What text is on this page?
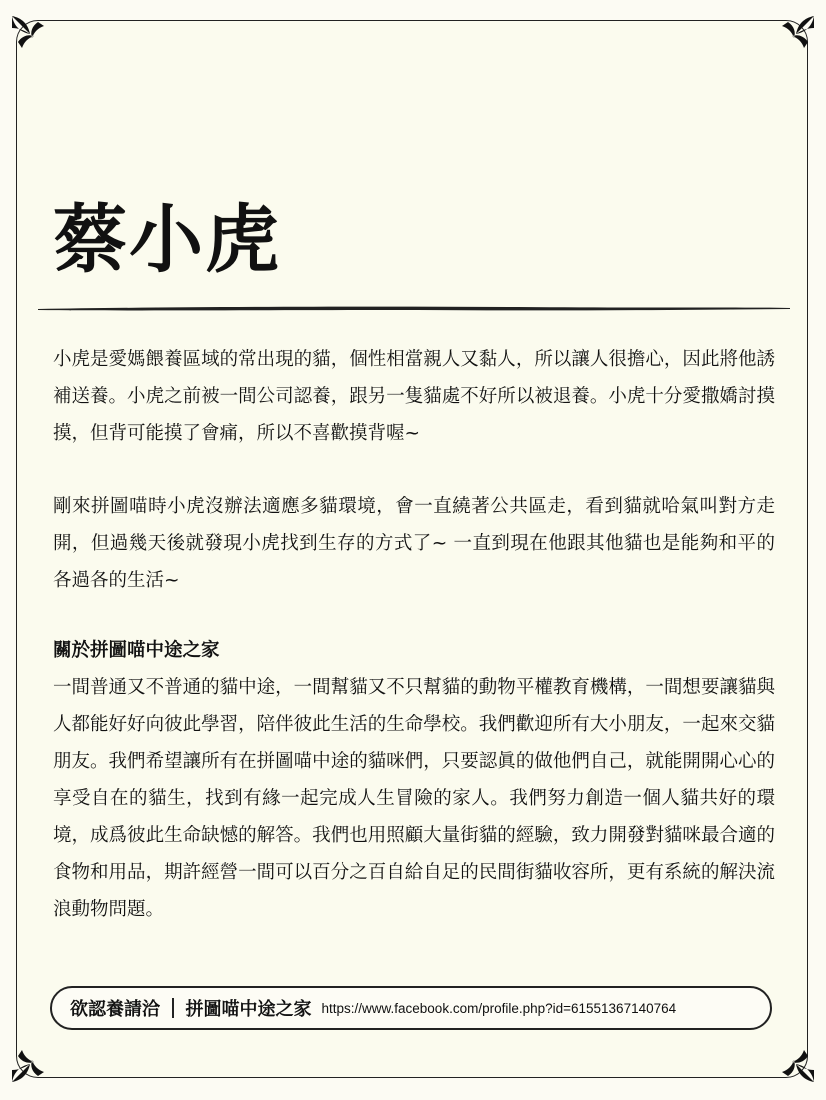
蔡小虎

小虎是愛媽餵養區域的常出現的貓，個性相當親人又黏人，所以讓人很擔心，因此將他誘補送養。小虎之前被一間公司認養，跟另一隻貓處不好所以被退養。小虎十分愛撒嬌討摸摸，但背可能摸了會痛，所以不喜歡摸背喔~

剛來拼圖喵時小虎沒辦法適應多貓環境，會一直繞著公共區走，看到貓就哈氣叫對方走開，但過幾天後就發現小虎找到生存的方式了~ 一直到現在他跟其他貓也是能夠和平的各過各的生活~

關於拼圖喵中途之家

一間普通又不普通的貓中途，一間幫貓又不只幫貓的動物平權教育機構，一間想要讓貓與人都能好好向彼此學習，陪伴彼此生活的生命學校。我們歡迎所有大小朋友，一起來交貓朋友。我們希望讓所有在拼圖喵中途的貓咪們，只要認眞的做他們自己，就能開開心心的享受自在的貓生，找到有緣一起完成人生冒險的家人。我們努力創造一個人貓共好的環境，成爲彼此生命缺憾的解答。我們也用照顧大量街貓的經驗，致力開發對貓咪最合適的食物和用品，期許經營一間可以百分之百自給自足的民間街貓收容所，更有系統的解決流浪動物問題。

欲認養請洽 拼圖喵中途之家 https://www.facebook.com/profile.php?id=61551367140764
